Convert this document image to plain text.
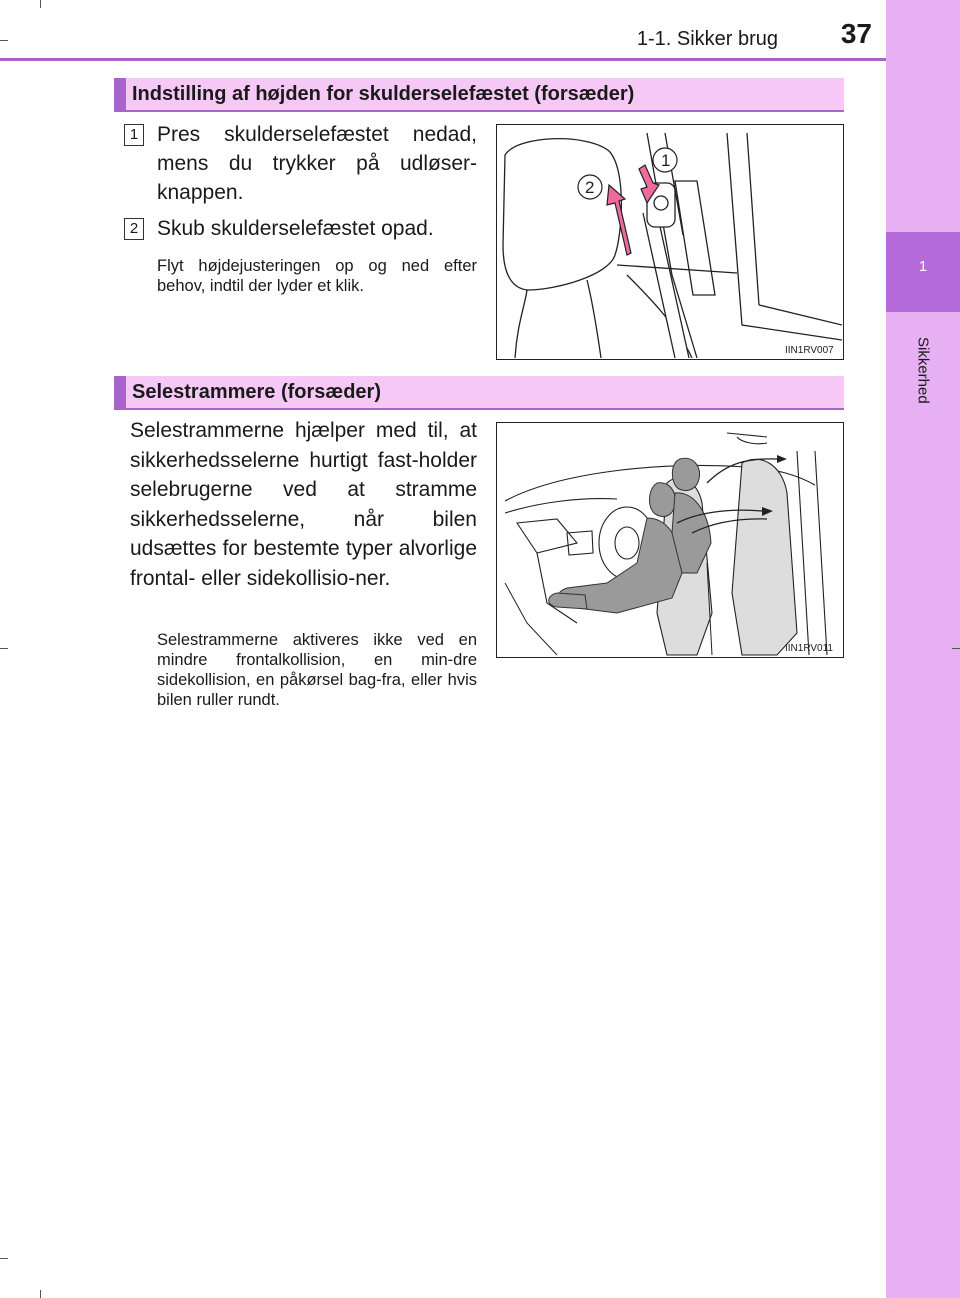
1
Sikkerhed
1-1. Sikker brug	37
Indstilling af højden for skulderselefæstet (forsæder)
1 Pres skulderselefæstet nedad, mens du trykker på udløser-knappen.
2 Skub skulderselefæstet opad.
Flyt højdejusteringen op og ned efter behov, indtil der lyder et klik.
1
2
IIN1RV007
Selestrammere (forsæder)
Selestrammerne hjælper med til, at sikkerhedsselerne hurtigt fast-holder selebrugerne ved at stramme sikkerhedsselerne, når bilen udsættes for bestemte typer alvorlige frontal- eller sidekollisio-ner.
Selestrammerne aktiveres ikke ved en mindre frontalkollision, en min-dre sidekollision, en påkørsel bag-fra, eller hvis bilen ruller rundt.
IIN1RV011
